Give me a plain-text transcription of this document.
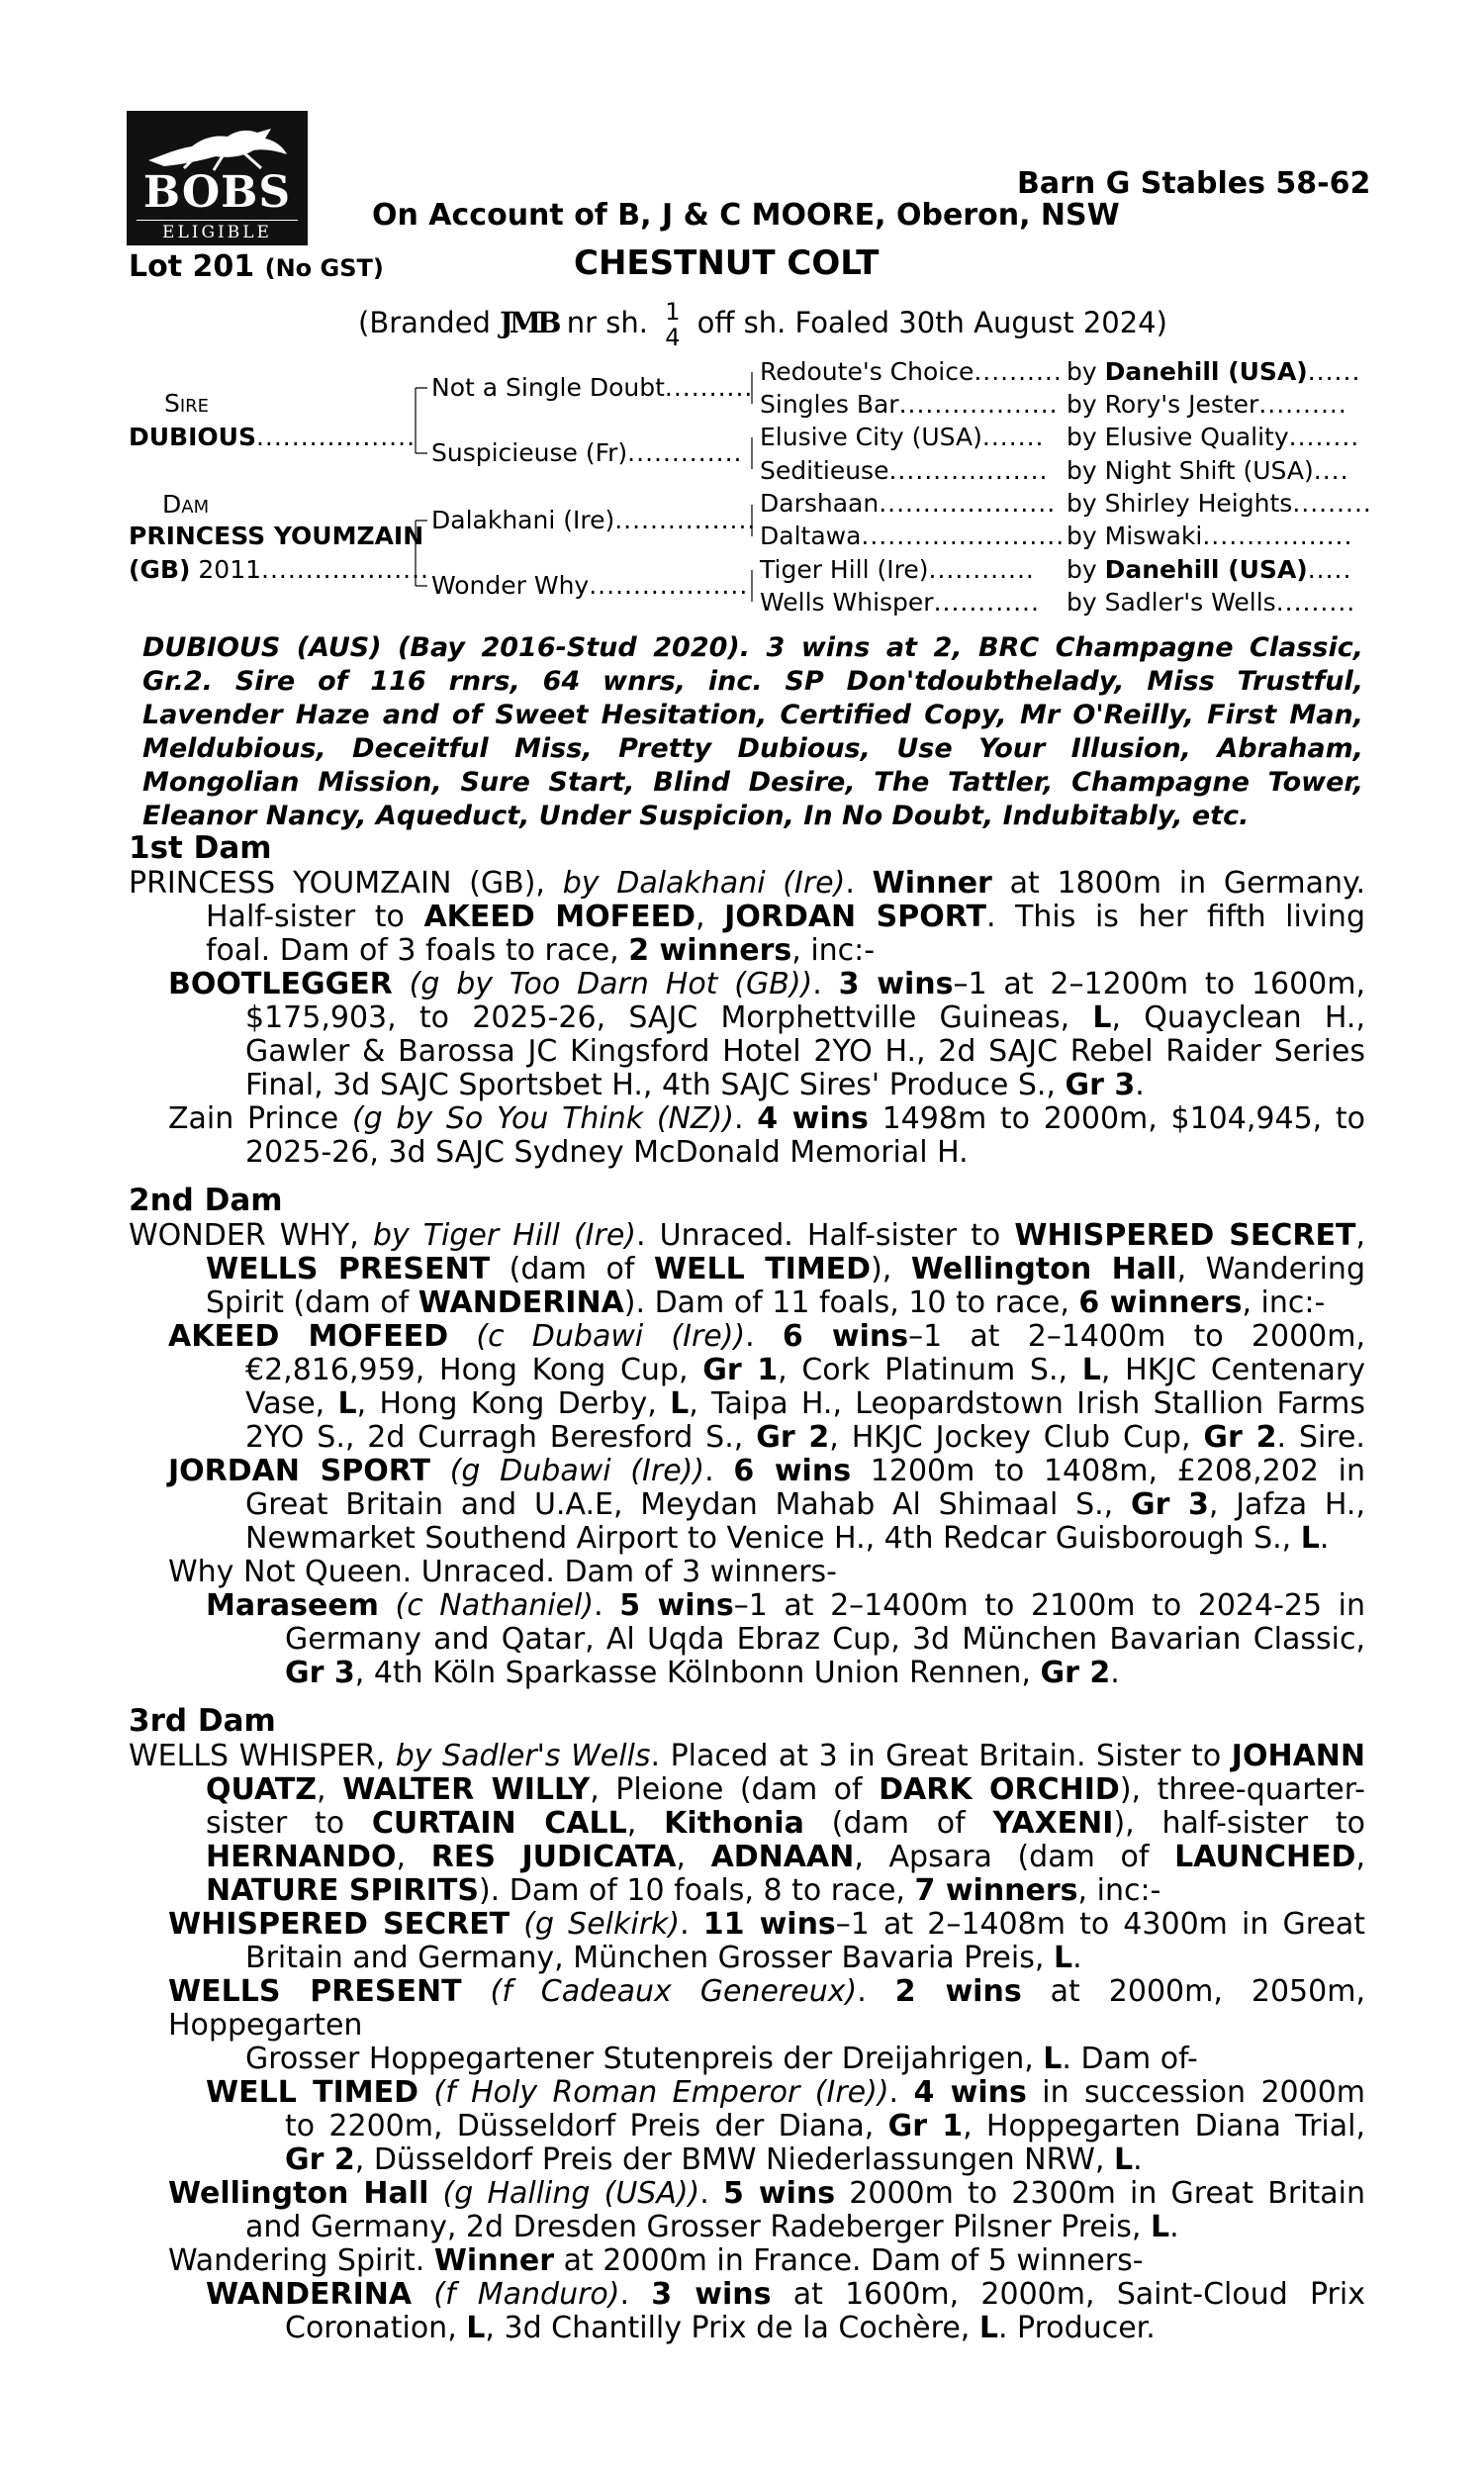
BOBS
ELIGIBLE
Barn G Stables 58-62
On Account of B, J & C MOORE, Oberon, NSW
Lot 201 (No GST)	CHESTNUT COLT
(Branded JMB nr sh. 1
4 off sh. Foaled 30th August 2024)
Sire
DUBIOUS..................
Dam
PRINCESS YOUMZAIN
(GB) 2011...................
Not a Single Doubt..........
Suspicieuse (Fr).............
Dalakhani (Ire)................
Wonder Why..................
Redoute's Choice..........
Singles Bar..................
Elusive City (USA).......
Seditieuse..................
Darshaan....................
Daltawa.......................
Tiger Hill (Ire)............
Wells Whisper............
by Danehill (USA)......
by Rory's Jester..........
by Elusive Quality........
by Night Shift (USA)....
by Shirley Heights.........
by Miswaki.................
by Danehill (USA).....
by Sadler's Wells.........

DUBIOUS (AUS) (Bay 2016-Stud 2020). 3 wins at 2, BRC Champagne Classic,

Gr.2. Sire of 116 rnrs, 64 wnrs, inc. SP Don'tdoubthelady, Miss Trustful,

Lavender Haze and of Sweet Hesitation, Certified Copy, Mr O'Reilly, First Man,

Meldubious, Deceitful Miss, Pretty Dubious, Use Your Illusion, Abraham,

Mongolian Mission, Sure Start, Blind Desire, The Tattler, Champagne Tower,

Eleanor Nancy, Aqueduct, Under Suspicion, In No Doubt, Indubitably, etc.

1st Dam

PRINCESS YOUMZAIN (GB), by Dalakhani (Ire). Winner at 1800m in Germany.

Half-sister to AKEED MOFEED, JORDAN SPORT. This is her fifth living

foal. Dam of 3 foals to race, 2 winners, inc:-

BOOTLEGGER (g by Too Darn Hot (GB)). 3 wins–1 at 2–1200m to 1600m,

$175,903, to 2025-26, SAJC Morphettville Guineas, L, Quayclean H.,

Gawler & Barossa JC Kingsford Hotel 2YO H., 2d SAJC Rebel Raider Series

Final, 3d SAJC Sportsbet H., 4th SAJC Sires' Produce S., Gr 3.

Zain Prince (g by So You Think (NZ)). 4 wins 1498m to 2000m, $104,945, to

2025-26, 3d SAJC Sydney McDonald Memorial H.

2nd Dam

WONDER WHY, by Tiger Hill (Ire). Unraced. Half-sister to WHISPERED SECRET,

WELLS PRESENT (dam of WELL TIMED), Wellington Hall, Wandering

Spirit (dam of WANDERINA). Dam of 11 foals, 10 to race, 6 winners, inc:-

AKEED MOFEED (c Dubawi (Ire)). 6 wins–1 at 2–1400m to 2000m,

€2,816,959, Hong Kong Cup, Gr 1, Cork Platinum S., L, HKJC Centenary

Vase, L, Hong Kong Derby, L, Taipa H., Leopardstown Irish Stallion Farms

2YO S., 2d Curragh Beresford S., Gr 2, HKJC Jockey Club Cup, Gr 2. Sire.

JORDAN SPORT (g Dubawi (Ire)). 6 wins 1200m to 1408m, £208,202 in

Great Britain and U.A.E, Meydan Mahab Al Shimaal S., Gr 3, Jafza H.,

Newmarket Southend Airport to Venice H., 4th Redcar Guisborough S., L.

Why Not Queen. Unraced. Dam of 3 winners-

Maraseem (c Nathaniel). 5 wins–1 at 2–1400m to 2100m to 2024-25 in

Germany and Qatar, Al Uqda Ebraz Cup, 3d München Bavarian Classic,

Gr 3, 4th Köln Sparkasse Kölnbonn Union Rennen, Gr 2.

3rd Dam

WELLS WHISPER, by Sadler's Wells. Placed at 3 in Great Britain. Sister to JOHANN

QUATZ, WALTER WILLY, Pleione (dam of DARK ORCHID), three-quarter-

sister to CURTAIN CALL, Kithonia (dam of YAXENI), half-sister to

HERNANDO, RES JUDICATA, ADNAAN, Apsara (dam of LAUNCHED,

NATURE SPIRITS). Dam of 10 foals, 8 to race, 7 winners, inc:-

WHISPERED SECRET (g Selkirk). 11 wins–1 at 2–1408m to 4300m in Great

Britain and Germany, München Grosser Bavaria Preis, L.

WELLS PRESENT (f Cadeaux Genereux). 2 wins at 2000m, 2050m, Hoppegarten

Grosser Hoppegartener Stutenpreis der Dreijahrigen, L. Dam of-

WELL TIMED (f Holy Roman Emperor (Ire)). 4 wins in succession 2000m

to 2200m, Düsseldorf Preis der Diana, Gr 1, Hoppegarten Diana Trial,

Gr 2, Düsseldorf Preis der BMW Niederlassungen NRW, L.

Wellington Hall (g Halling (USA)). 5 wins 2000m to 2300m in Great Britain

and Germany, 2d Dresden Grosser Radeberger Pilsner Preis, L.

Wandering Spirit. Winner at 2000m in France. Dam of 5 winners-

WANDERINA (f Manduro). 3 wins at 1600m, 2000m, Saint-Cloud Prix

Coronation, L, 3d Chantilly Prix de la Cochère, L. Producer.
